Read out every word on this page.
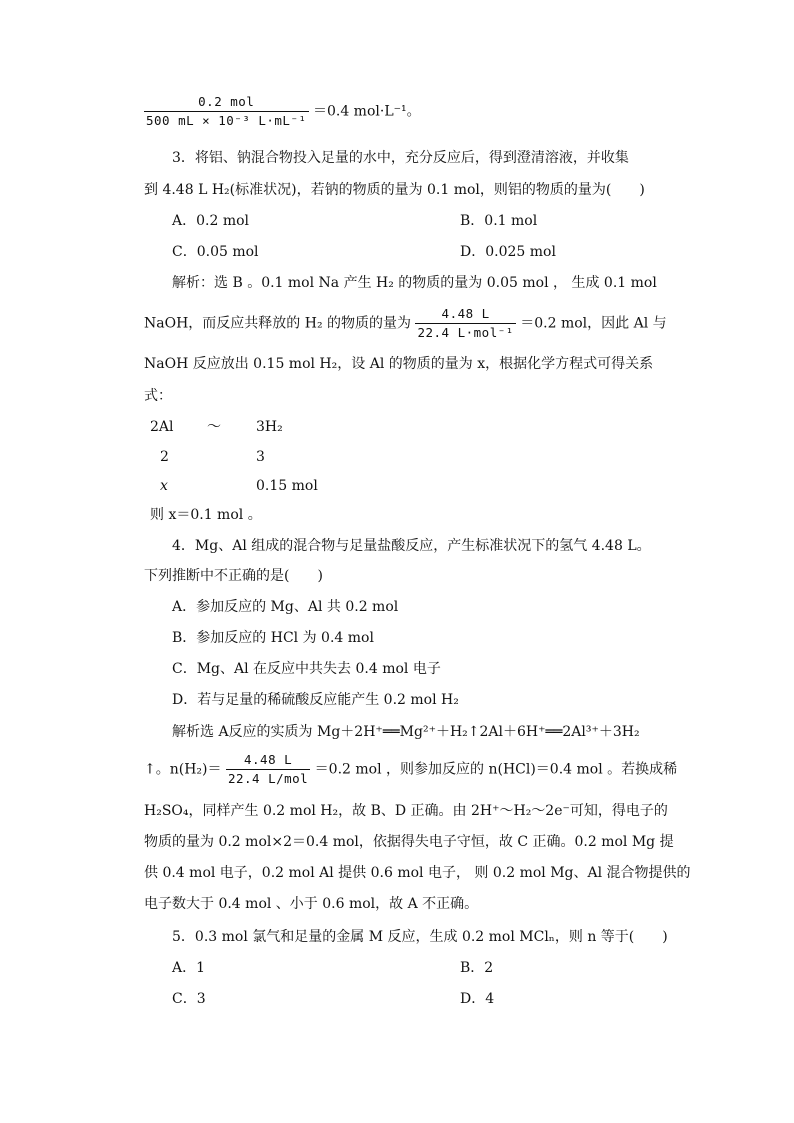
$\frac{\text{0.2 mol}}{\text{500 mL × 10⁻³ L·mL⁻¹}} =0.4$ mol·L⁻¹。
3．将铝、钠混合物投入足量的水中，充分反应后，得到澄清溶液，并收集
到 4.48 L H₂(标准状况)，若钠的物质的量为 0.1 mol，则铝的物质的量为(　　)
A．0.2 mol	B．0.1 mol
C．0.05 mol	D．0.025 mol
解析：选 B 。0.1 mol Na 产生 H₂ 的物质的量为 0.05 mol ， 生成 0.1 mol
NaOH，而反应共释放的 H₂ 的物质的量为 $\frac{4.48 L}{\text{22.4 L·mol⁻¹}} =0.2$ mol，因此 Al 与
NaOH 反应放出 0.15 mol H₂，设 Al 的物质的量为 x，根据化学方程式可得关系
式：
2Al ～	3H₂
2	3
x	0.15 mol
则 x＝0.1 mol 。
4．Mg、Al 组成的混合物与足量盐酸反应，产生标准状况下的氢气 4.48 L。
下列推断中不正确的是(　　)
A．参加反应的 Mg、Al 共 0.2 mol
B．参加反应的 HCl 为 0.4 mol
C．Mg、Al 在反应中共失去 0.4 mol 电子
D．若与足量的稀硫酸反应能产生 0.2 mol H₂
解析选 A反应的实质为 Mg＋2H⁺══Mg²⁺＋H₂↑2Al＋6H⁺══2Al³⁺＋3H₂
↑。$n(H_2)= \frac{4.48 L}{\text{22.4 L/mol}} =0.2$ mol ，则参加反应的 n(HCl)＝0.4 mol 。若换成稀
H₂SO₄，同样产生 0.2 mol H₂，故 B、D 正确。由 2H⁺～H₂～2e⁻可知，得电子的
物质的量为 0.2 mol×2＝0.4 mol，依据得失电子守恒，故 C 正确。0.2 mol Mg 提
供 0.4 mol 电子，0.2 mol Al 提供 0.6 mol 电子， 则 0.2 mol Mg、Al 混合物提供的
电子数大于 0.4 mol 、小于 0.6 mol，故 A 不正确。
5．0.3 mol 氯气和足量的金属 M 反应，生成 0.2 mol MClₙ，则 n 等于(　　)
A．1	B．2
C．3	D．4
